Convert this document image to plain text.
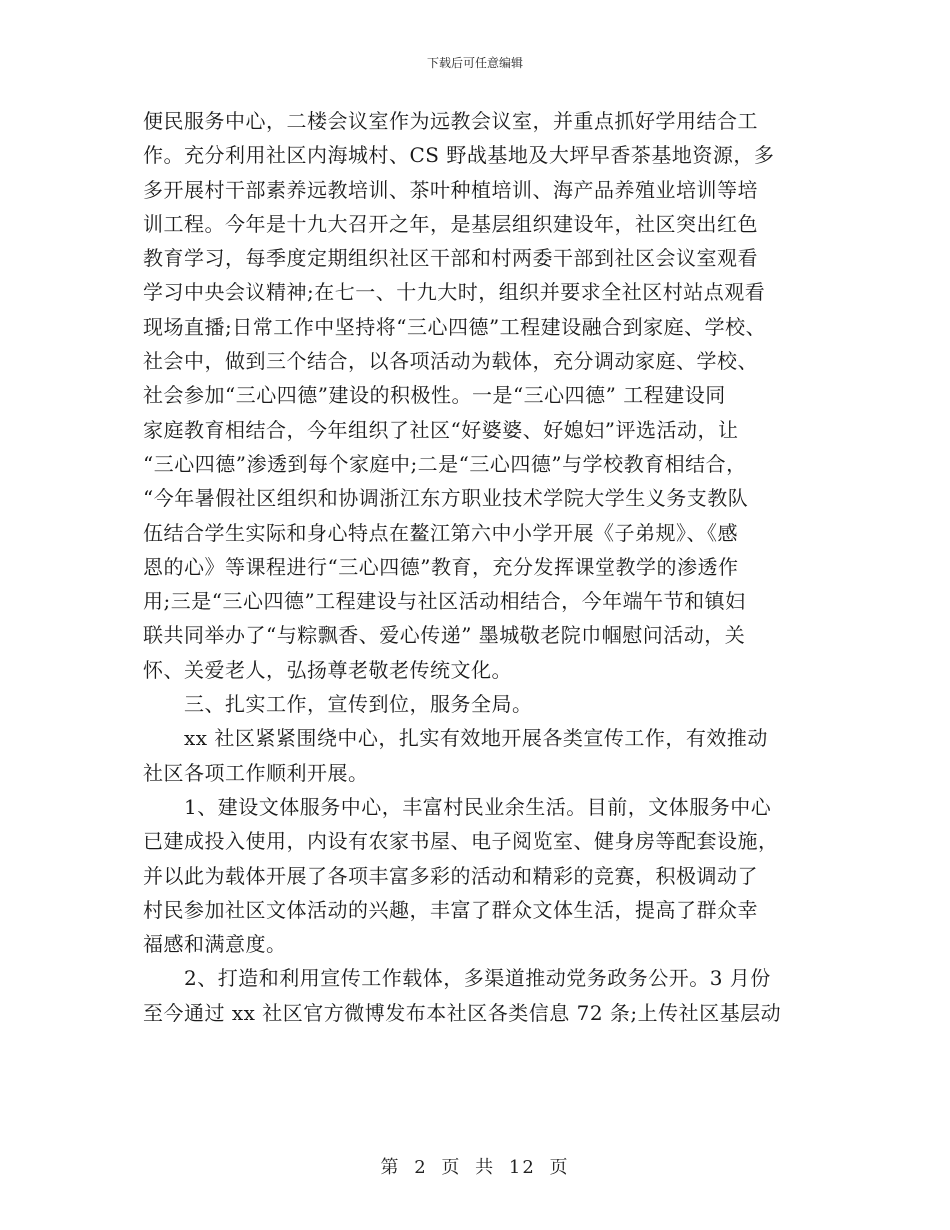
下载后可任意编辑
便民服务中心，二楼会议室作为远教会议室，并重点抓好学用结合工
作。充分利用社区内海城村、CS 野战基地及大坪早香茶基地资源，多
多开展村干部素养远教培训、茶叶种植培训、海产品养殖业培训等培
训工程。今年是十九大召开之年，是基层组织建设年，社区突出红色
教育学习，每季度定期组织社区干部和村两委干部到社区会议室观看
学习中央会议精神;在七一、十九大时，组织并要求全社区村站点观看
现场直播;日常工作中坚持将“三心四德”工程建设融合到家庭、学校、
社会中，做到三个结合，以各项活动为载体，充分调动家庭、学校、
社会参加“三心四德”建设的积极性。一是“三心四德” 工程建设同
家庭教育相结合，今年组织了社区“好婆婆、好媳妇”评选活动，让
“三心四德”渗透到每个家庭中;二是“三心四德”与学校教育相结合，
“今年暑假社区组织和协调浙江东方职业技术学院大学生义务支教队
伍结合学生实际和身心特点在鳌江第六中小学开展《子弟规》、《感
恩的心》等课程进行“三心四德”教育，充分发挥课堂教学的渗透作
用;三是“三心四德”工程建设与社区活动相结合，今年端午节和镇妇
联共同举办了“与粽飘香、爱心传递” 墨城敬老院巾帼慰问活动，关
怀、关爱老人，弘扬尊老敬老传统文化。
三、扎实工作，宣传到位，服务全局。
xx 社区紧紧围绕中心，扎实有效地开展各类宣传工作，有效推动
社区各项工作顺利开展。
1、建设文体服务中心，丰富村民业余生活。目前，文体服务中心
已建成投入使用，内设有农家书屋、电子阅览室、健身房等配套设施，
并以此为载体开展了各项丰富多彩的活动和精彩的竞赛，积极调动了
村民参加社区文体活动的兴趣，丰富了群众文体生活，提高了群众幸
福感和满意度。
2、打造和利用宣传工作载体，多渠道推动党务政务公开。3 月份
至今通过 xx 社区官方微博发布本社区各类信息 72 条;上传社区基层动
第 2 页 共 12 页
